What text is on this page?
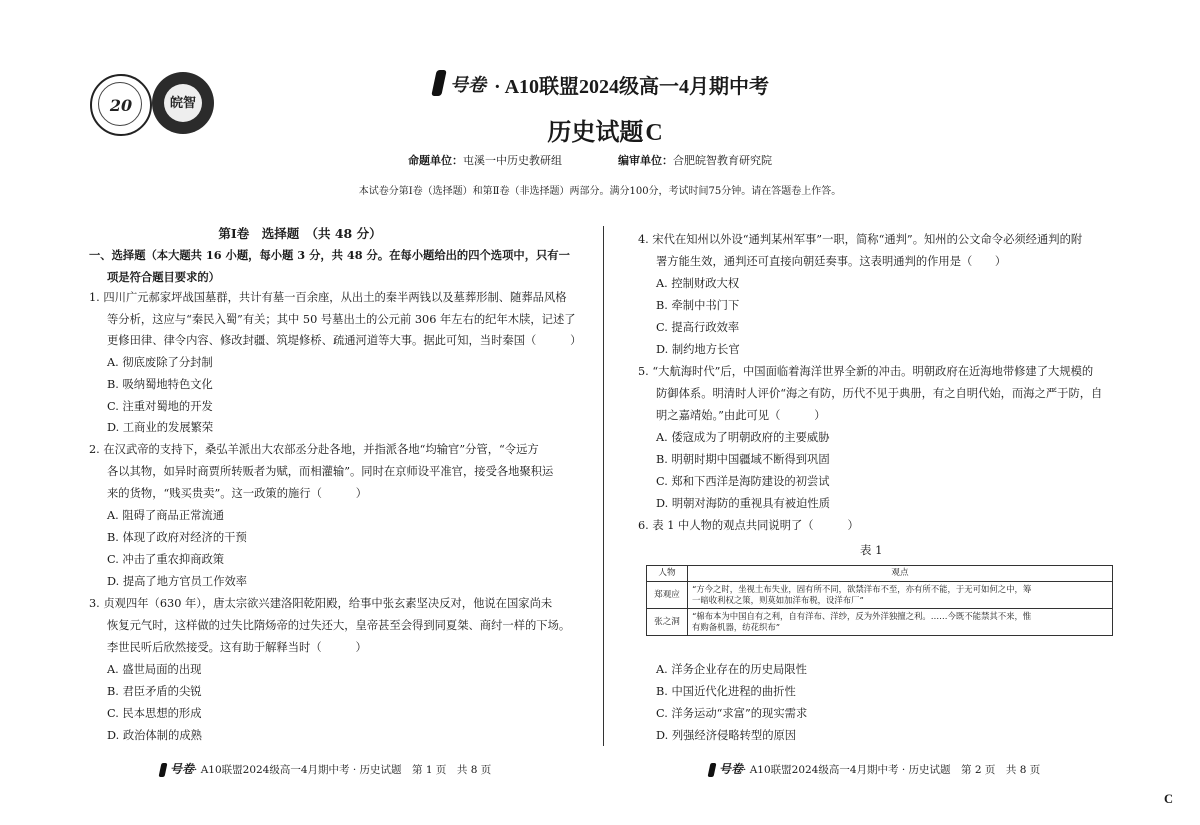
20	皖智
号卷 · A10联盟2024级高一4月期中考
历史试题C
命题单位：屯溪一中历史教研组	编审单位：合肥皖智教育研究院
本试卷分第Ⅰ卷（选择题）和第Ⅱ卷（非选择题）两部分。满分100分，考试时间75分钟。请在答题卷上作答。
第Ⅰ卷　选择题　（共 48 分）
一、选择题（本大题共 16 小题，每小题 3 分，共 48 分。在每小题给出的四个选项中，只有一
项是符合题目要求的）
1. 四川广元郝家坪战国墓群，共计有墓一百余座，从出土的秦半两钱以及墓葬形制、随葬品风格
等分析，这应与“秦民入蜀”有关；其中 50 号墓出土的公元前 306 年左右的纪年木牍，记述了
更修田律、律令内容、修改封疆、筑堤修桥、疏通河道等大事。据此可知，当时秦国（　　　）
A. 彻底废除了分封制
B. 吸纳蜀地特色文化
C. 注重对蜀地的开发
D. 工商业的发展繁荣
2. 在汉武帝的支持下，桑弘羊派出大农部丞分赴各地，并指派各地“均输官”分管，“令远方
各以其物，如异时商贾所转贩者为赋，而相灌输”。同时在京师设平准官，接受各地聚积运
来的货物，“贱买贵卖”。这一政策的施行（　　　）
A. 阻碍了商品正常流通
B. 体现了政府对经济的干预
C. 冲击了重农抑商政策
D. 提高了地方官员工作效率
3. 贞观四年（630 年），唐太宗欲兴建洛阳乾阳殿，给事中张玄素坚决反对，他说在国家尚未
恢复元气时，这样做的过失比隋炀帝的过失还大，皇帝甚至会得到同夏桀、商纣一样的下场。
李世民听后欣然接受。这有助于解释当时（　　　）
A. 盛世局面的出现
B. 君臣矛盾的尖锐
C. 民本思想的形成
D. 政治体制的成熟
4. 宋代在知州以外设“通判某州军事”一职，简称“通判”。知州的公文命令必须经通判的附
署方能生效，通判还可直接向朝廷奏事。这表明通判的作用是（　　）
A. 控制财政大权
B. 牵制中书门下
C. 提高行政效率
D. 制约地方长官
5. “大航海时代”后，中国面临着海洋世界全新的冲击。明朝政府在近海地带修建了大规模的
防御体系。明清时人评价“海之有防，历代不见于典册，有之自明代始，而海之严于防，自
明之嘉靖始。”由此可见（　　　）
A. 倭寇成为了明朝政府的主要威胁
B. 明朝时期中国疆域不断得到巩固
C. 郑和下西洋是海防建设的初尝试
D. 明朝对海防的重视具有被迫性质
6. 表 1 中人物的观点共同说明了（　　　）
表 1
人物	观点
郑观应	“方今之时，坐视土布失业，固有所不同，欲禁洋布不至，亦有所不能，于无可如何之中，筹
一暗收利权之策，则莫如加洋布税，设洋布厂”

张之洞	“棉布本为中国自有之利，自有洋布、洋纱，反为外洋独擅之利。……今既不能禁其不来，惟
有购备机器，纺花织布”
A. 洋务企业存在的历史局限性
B. 中国近代化进程的曲折性
C. 洋务运动“求富”的现实需求
D. 列强经济侵略转型的原因
号卷· A10联盟2024级高一4月期中考 · 历史试题　第 1 页　共 8 页	号卷· A10联盟2024级高一4月期中考 · 历史试题　第 2 页　共 8 页
C
